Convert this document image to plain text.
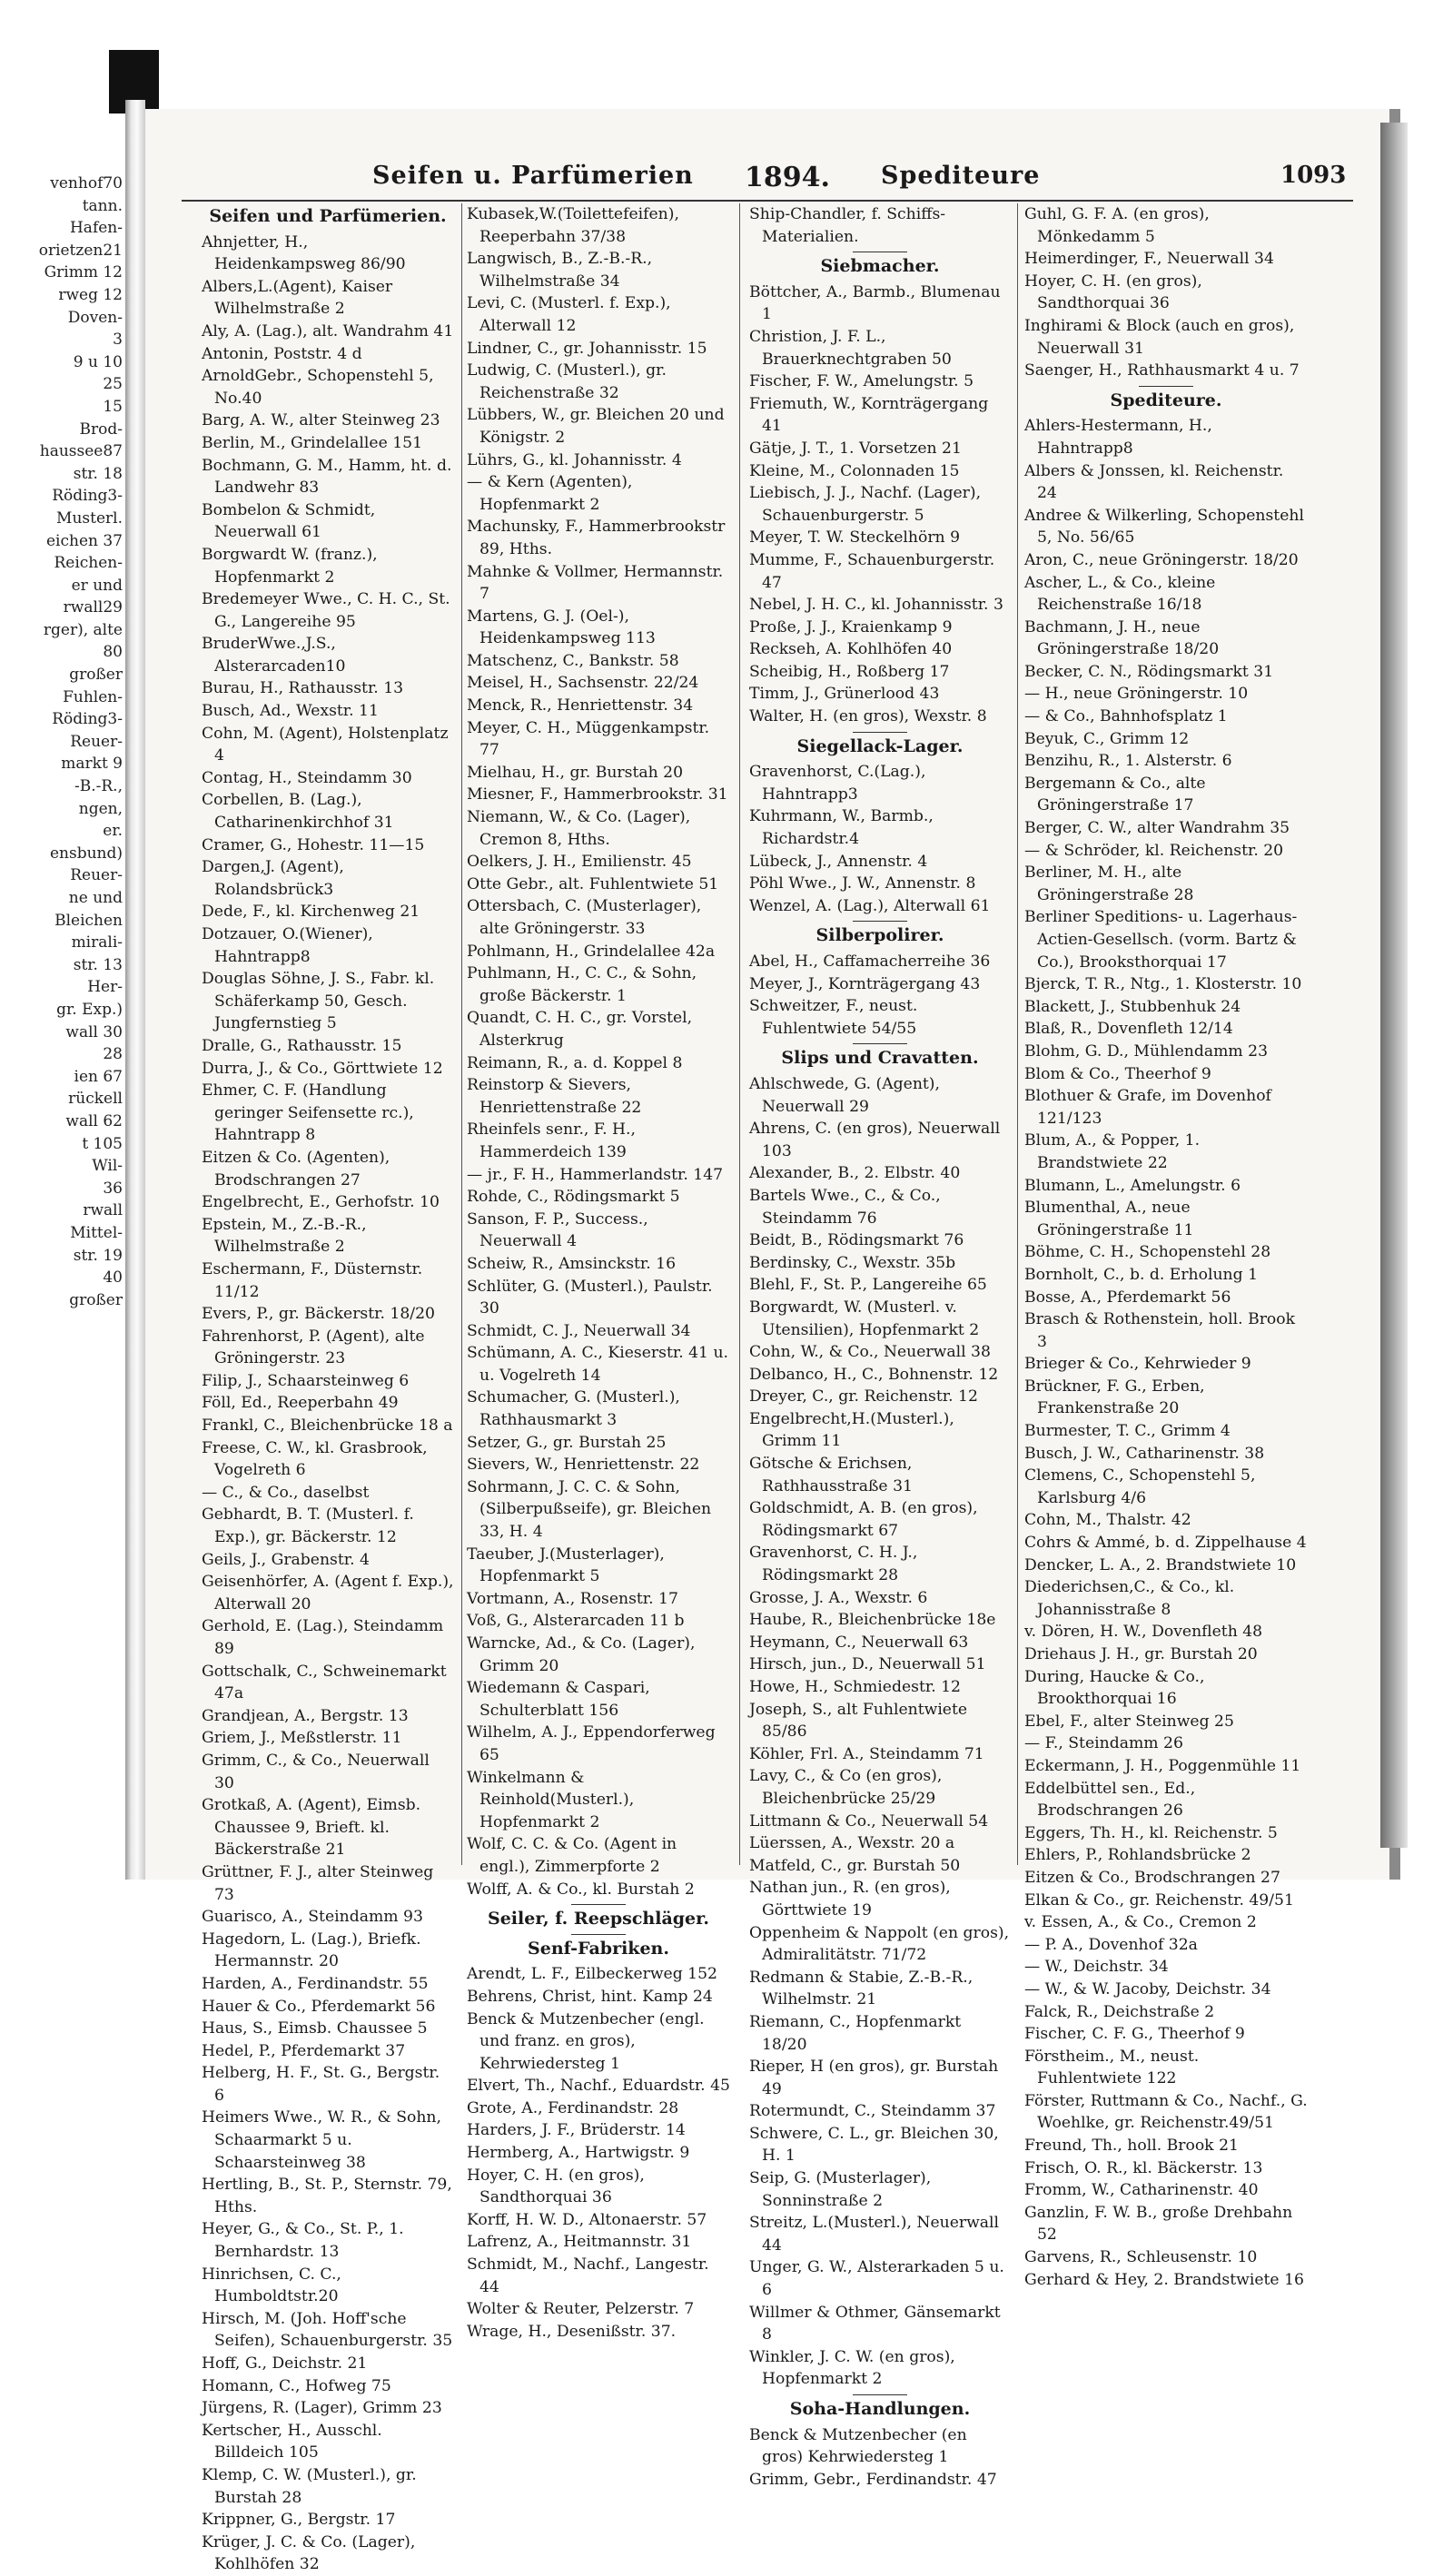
venhof70
tann.
Hafen-
orietzen21
Grimm 12
rweg 12
Doven-
3
9 u 10
25
15
Brod-
haussee87
str. 18
Röding3-
Musterl.
eichen 37
Reichen-
er und
rwall29
rger), alte
80
großer
Fuhlen-
Röding3-
Reuer-
markt 9
-B.-R.,
ngen,
er.
ensbund)
Reuer-
ne und
Bleichen
mirali-
str. 13
Her-
gr. Exp.)
wall 30
28
ien 67
rückell
wall 62
t 105
Wil-
36
rwall
Mittel-
str. 19
40
großer
Seifen u. Parfümerien 1894. Spediteure	1093
Seifen und Parfümerien.
Ahnjetter, H., Heidenkampsweg 86/90
Albers,L.(Agent), Kaiser Wilhelmstraße 2
Aly, A. (Lag.), alt. Wandrahm 41
Antonin, Poststr. 4 d
ArnoldGebr., Schopenstehl 5, No.40
Barg, A. W., alter Steinweg 23
Berlin, M., Grindelallee 151
Bochmann, G. M., Hamm, ht. d. Landwehr 83
Bombelon & Schmidt, Neuerwall 61
Borgwardt W. (franz.), Hopfenmarkt 2
Bredemeyer Wwe., C. H. C., St. G., Langereihe 95
BruderWwe.,J.S., Alsterarcaden10
Burau, H., Rathausstr. 13
Busch, Ad., Wexstr. 11
Cohn, M. (Agent), Holstenplatz 4
Contag, H., Steindamm 30
Corbellen, B. (Lag.), Catharinenkirchhof 31
Cramer, G., Hohestr. 11—15
Dargen,J. (Agent), Rolandsbrück3
Dede, F., kl. Kirchenweg 21
Dotzauer, O.(Wiener), Hahntrapp8
Douglas Söhne, J. S., Fabr. kl. Schäferkamp 50, Gesch. Jungfernstieg 5
Dralle, G., Rathausstr. 15
Durra, J., & Co., Görttwiete 12
Ehmer, C. F. (Handlung geringer Seifensette rc.), Hahntrapp 8
Eitzen & Co. (Agenten), Brodschrangen 27
Engelbrecht, E., Gerhofstr. 10
Epstein, M., Z.-B.-R., Wilhelmstraße 2
Eschermann, F., Düsternstr. 11/12
Evers, P., gr. Bäckerstr. 18/20
Fahrenhorst, P. (Agent), alte Gröningerstr. 23
Filip, J., Schaarsteinweg 6
Föll, Ed., Reeperbahn 49
Frankl, C., Bleichenbrücke 18 a
Freese, C. W., kl. Grasbrook, Vogelreth 6
— C., & Co., daselbst
Gebhardt, B. T. (Musterl. f. Exp.), gr. Bäckerstr. 12
Geils, J., Grabenstr. 4
Geisenhörfer, A. (Agent f. Exp.), Alterwall 20
Gerhold, E. (Lag.), Steindamm 89
Gottschalk, C., Schweinemarkt 47a
Grandjean, A., Bergstr. 13
Griem, J., Meßstlerstr. 11
Grimm, C., & Co., Neuerwall 30
Grotkaß, A. (Agent), Eimsb. Chaussee 9, Brieft. kl. Bäckerstraße 21
Grüttner, F. J., alter Steinweg 73
Guarisco, A., Steindamm 93
Hagedorn, L. (Lag.), Briefk. Hermannstr. 20
Harden, A., Ferdinandstr. 55
Hauer & Co., Pferdemarkt 56
Haus, S., Eimsb. Chaussee 5
Hedel, P., Pferdemarkt 37
Helberg, H. F., St. G., Bergstr. 6
Heimers Wwe., W. R., & Sohn, Schaarmarkt 5 u. Schaarsteinweg 38
Hertling, B., St. P., Sternstr. 79, Hths.
Heyer, G., & Co., St. P., 1. Bernhardstr. 13
Hinrichsen, C. C., Humboldtstr.20
Hirsch, M. (Joh. Hoff'sche Seifen), Schauenburgerstr. 35
Hoff, G., Deichstr. 21
Homann, C., Hofweg 75
Jürgens, R. (Lager), Grimm 23
Kertscher, H., Ausschl. Billdeich 105
Klemp, C. W. (Musterl.), gr. Burstah 28
Krippner, G., Bergstr. 17
Krüger, J. C. & Co. (Lager), Kohlhöfen 32
Kubasek,W.(Toilettefeifen), Reeperbahn 37/38
Langwisch, B., Z.-B.-R., Wilhelmstraße 34
Levi, C. (Musterl. f. Exp.), Alterwall 12
Lindner, C., gr. Johannisstr. 15
Ludwig, C. (Musterl.), gr. Reichenstraße 32
Lübbers, W., gr. Bleichen 20 und Königstr. 2
Lührs, G., kl. Johannisstr. 4
— & Kern (Agenten), Hopfenmarkt 2
Machunsky, F., Hammerbrookstr 89, Hths.
Mahnke & Vollmer, Hermannstr. 7
Martens, G. J. (Oel-), Heidenkampsweg 113
Matschenz, C., Bankstr. 58
Meisel, H., Sachsenstr. 22/24
Menck, R., Henriettenstr. 34
Meyer, C. H., Müggenkampstr. 77
Mielhau, H., gr. Burstah 20
Miesner, F., Hammerbrookstr. 31
Niemann, W., & Co. (Lager), Cremon 8, Hths.
Oelkers, J. H., Emilienstr. 45
Otte Gebr., alt. Fuhlentwiete 51
Ottersbach, C. (Musterlager), alte Gröningerstr. 33
Pohlmann, H., Grindelallee 42a
Puhlmann, H., C. C., & Sohn, große Bäckerstr. 1
Quandt, C. H. C., gr. Vorstel, Alsterkrug
Reimann, R., a. d. Koppel 8
Reinstorp & Sievers, Henriettenstraße 22
Rheinfels senr., F. H., Hammerdeich 139
— jr., F. H., Hammerlandstr. 147
Rohde, C., Rödingsmarkt 5
Sanson, F. P., Success., Neuerwall 4
Scheiw, R., Amsinckstr. 16
Schlüter, G. (Musterl.), Paulstr. 30
Schmidt, C. J., Neuerwall 34
Schümann, A. C., Kieserstr. 41 u. u. Vogelreth 14
Schumacher, G. (Musterl.), Rathhausmarkt 3
Setzer, G., gr. Burstah 25
Sievers, W., Henriettenstr. 22
Sohrmann, J. C. C. & Sohn, (Silberpußseife), gr. Bleichen 33, H. 4
Taeuber, J.(Musterlager), Hopfenmarkt 5
Vortmann, A., Rosenstr. 17
Voß, G., Alsterarcaden 11 b
Warncke, Ad., & Co. (Lager), Grimm 20
Wiedemann & Caspari, Schulterblatt 156
Wilhelm, A. J., Eppendorferweg 65
Winkelmann & Reinhold(Musterl.), Hopfenmarkt 2
Wolf, C. C. & Co. (Agent in engl.), Zimmerpforte 2
Wolff, A. & Co., kl. Burstah 2
Seiler, f. Reepschläger.
Senf-Fabriken.
Arendt, L. F., Eilbeckerweg 152
Behrens, Christ, hint. Kamp 24
Benck & Mutzenbecher (engl. und franz. en gros), Kehrwiedersteg 1
Elvert, Th., Nachf., Eduardstr. 45
Grote, A., Ferdinandstr. 28
Harders, J. F., Brüderstr. 14
Hermberg, A., Hartwigstr. 9
Hoyer, C. H. (en gros), Sandthorquai 36
Korff, H. W. D., Altonaerstr. 57
Lafrenz, A., Heitmannstr. 31
Schmidt, M., Nachf., Langestr. 44
Wolter & Reuter, Pelzerstr. 7
Wrage, H., Desenißstr. 37.
Ship-Chandler, f. Schiffs-Materialien.
Siebmacher.
Böttcher, A., Barmb., Blumenau 1
Christion, J. F. L., Brauerknechtgraben 50
Fischer, F. W., Amelungstr. 5
Friemuth, W., Kornträgergang 41
Gätje, J. T., 1. Vorsetzen 21
Kleine, M., Colonnaden 15
Liebisch, J. J., Nachf. (Lager), Schauenburgerstr. 5
Meyer, T. W. Steckelhörn 9
Mumme, F., Schauenburgerstr. 47
Nebel, J. H. C., kl. Johannisstr. 3
Proße, J. J., Kraienkamp 9
Reckseh, A. Kohlhöfen 40
Scheibig, H., Roßberg 17
Timm, J., Grünerlood 43
Walter, H. (en gros), Wexstr. 8
Siegellack-Lager.
Gravenhorst, C.(Lag.), Hahntrapp3
Kuhrmann, W., Barmb., Richardstr.4
Lübeck, J., Annenstr. 4
Pöhl Wwe., J. W., Annenstr. 8
Wenzel, A. (Lag.), Alterwall 61
Silberpolirer.
Abel, H., Caffamacherreihe 36
Meyer, J., Kornträgergang 43
Schweitzer, F., neust. Fuhlentwiete 54/55
Slips und Cravatten.
Ahlschwede, G. (Agent), Neuerwall 29
Ahrens, C. (en gros), Neuerwall 103
Alexander, B., 2. Elbstr. 40
Bartels Wwe., C., & Co., Steindamm 76
Beidt, B., Rödingsmarkt 76
Berdinsky, C., Wexstr. 35b
Blehl, F., St. P., Langereihe 65
Borgwardt, W. (Musterl. v. Utensilien), Hopfenmarkt 2
Cohn, W., & Co., Neuerwall 38
Delbanco, H., C., Bohnenstr. 12
Dreyer, C., gr. Reichenstr. 12
Engelbrecht,H.(Musterl.), Grimm 11
Götsche & Erichsen, Rathhausstraße 31
Goldschmidt, A. B. (en gros), Rödingsmarkt 67
Gravenhorst, C. H. J., Rödingsmarkt 28
Grosse, J. A., Wexstr. 6
Haube, R., Bleichenbrücke 18e
Heymann, C., Neuerwall 63
Hirsch, jun., D., Neuerwall 51
Howe, H., Schmiedestr. 12
Joseph, S., alt Fuhlentwiete 85/86
Köhler, Frl. A., Steindamm 71
Lavy, C., & Co (en gros), Bleichenbrücke 25/29
Littmann & Co., Neuerwall 54
Lüerssen, A., Wexstr. 20 a
Matfeld, C., gr. Burstah 50
Nathan jun., R. (en gros), Görttwiete 19
Oppenheim & Nappolt (en gros), Admiralitätstr. 71/72
Redmann & Stabie, Z.-B.-R., Wilhelmstr. 21
Riemann, C., Hopfenmarkt 18/20
Rieper, H (en gros), gr. Burstah 49
Rotermundt, C., Steindamm 37
Schwere, C. L., gr. Bleichen 30, H. 1
Seip, G. (Musterlager), Sonninstraße 2
Streitz, L.(Musterl.), Neuerwall 44
Unger, G. W., Alsterarkaden 5 u. 6
Willmer & Othmer, Gänsemarkt 8
Winkler, J. C. W. (en gros), Hopfenmarkt 2
Soha-Handlungen.
Benck & Mutzenbecher (en gros) Kehrwiedersteg 1
Grimm, Gebr., Ferdinandstr. 47
Guhl, G. F. A. (en gros), Mönkedamm 5
Heimerdinger, F., Neuerwall 34
Hoyer, C. H. (en gros), Sandthorquai 36
Inghirami & Block (auch en gros), Neuerwall 31
Saenger, H., Rathhausmarkt 4 u. 7
Spediteure.
Ahlers-Hestermann, H., Hahntrapp8
Albers & Jonssen, kl. Reichenstr. 24
Andree & Wilkerling, Schopenstehl 5, No. 56/65
Aron, C., neue Gröningerstr. 18/20
Ascher, L., & Co., kleine Reichenstraße 16/18
Bachmann, J. H., neue Gröningerstraße 18/20
Becker, C. N., Rödingsmarkt 31
— H., neue Gröningerstr. 10
— & Co., Bahnhofsplatz 1
Beyuk, C., Grimm 12
Benzihu, R., 1. Alsterstr. 6
Bergemann & Co., alte Gröningerstraße 17
Berger, C. W., alter Wandrahm 35
— & Schröder, kl. Reichenstr. 20
Berliner, M. H., alte Gröningerstraße 28
Berliner Speditions- u. Lagerhaus-Actien-Gesellsch. (vorm. Bartz & Co.), Brooksthorquai 17
Bjerck, T. R., Ntg., 1. Klosterstr. 10
Blackett, J., Stubbenhuk 24
Blaß, R., Dovenfleth 12/14
Blohm, G. D., Mühlendamm 23
Blom & Co., Theerhof 9
Blothuer & Grafe, im Dovenhof 121/123
Blum, A., & Popper, 1. Brandstwiete 22
Blumann, L., Amelungstr. 6
Blumenthal, A., neue Gröningerstraße 11
Böhme, C. H., Schopenstehl 28
Bornholt, C., b. d. Erholung 1
Bosse, A., Pferdemarkt 56
Brasch & Rothenstein, holl. Brook 3
Brieger & Co., Kehrwieder 9
Brückner, F. G., Erben, Frankenstraße 20
Burmester, T. C., Grimm 4
Busch, J. W., Catharinenstr. 38
Clemens, C., Schopenstehl 5, Karlsburg 4/6
Cohn, M., Thalstr. 42
Cohrs & Ammé, b. d. Zippelhause 4
Dencker, L. A., 2. Brandstwiete 10
Diederichsen,C., & Co., kl. Johannisstraße 8
v. Dören, H. W., Dovenfleth 48
Driehaus J. H., gr. Burstah 20
During, Haucke & Co., Brookthorquai 16
Ebel, F., alter Steinweg 25
— F., Steindamm 26
Eckermann, J. H., Poggenmühle 11
Eddelbüttel sen., Ed., Brodschrangen 26
Eggers, Th. H., kl. Reichenstr. 5
Ehlers, P., Rohlandsbrücke 2
Eitzen & Co., Brodschrangen 27
Elkan & Co., gr. Reichenstr. 49/51
v. Essen, A., & Co., Cremon 2
— P. A., Dovenhof 32a
— W., Deichstr. 34
— W., & W. Jacoby, Deichstr. 34
Falck, R., Deichstraße 2
Fischer, C. F. G., Theerhof 9
Förstheim., M., neust. Fuhlentwiete 122
Förster, Ruttmann & Co., Nachf., G. Woehlke, gr. Reichenstr.49/51
Freund, Th., holl. Brook 21
Frisch, O. R., kl. Bäckerstr. 13
Fromm, W., Catharinenstr. 40
Ganzlin, F. W. B., große Drehbahn 52
Garvens, R., Schleusenstr. 10
Gerhard & Hey, 2. Brandstwiete 16
